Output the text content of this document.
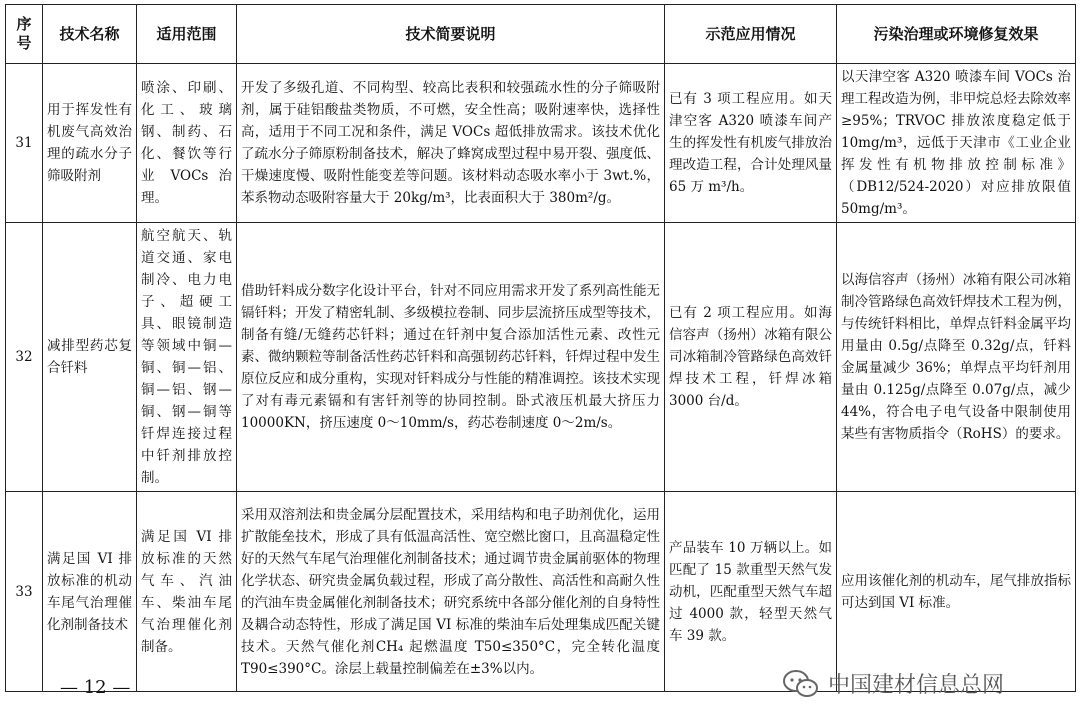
序号	技术名称	适用范围	技术简要说明	示范应用情况	污染治理或环境修复效果
31	用于挥发性有机废气高效治理的疏水分子筛吸附剂	喷涂、印刷、化工、玻璃钢、制药、石化、餐饮等行业 VOCs 治理。	开发了多级孔道、不同构型、较高比表积和较强疏水性的分子筛吸附剂，属于硅铝酸盐类物质，不可燃，安全性高；吸附速率快，选择性高，适用于不同工况和条件，满足 VOCs 超低排放需求。该技术优化了疏水分子筛原粉制备技术，解决了蜂窝成型过程中易开裂、强度低、干燥速度慢、吸附性能变差等问题。该材料动态吸水率小于 3wt.%，苯系物动态吸附容量大于 20kg/m³，比表面积大于 380m²/g。	已有 3 项工程应用。如天津空客 A320 喷漆车间产生的挥发性有机废气排放治理改造工程，合计处理风量 65 万 m³/h。	以天津空客 A320 喷漆车间 VOCs 治理工程改造为例，非甲烷总烃去除效率≥95%；TRVOC 排放浓度稳定低于 10mg/m³，远低于天津市《工业企业挥发性有机物排放控制标准》（DB12/524-2020）对应排放限值 50mg/m³。
32	减排型药芯复合钎料	航空航天、轨道交通、家电制冷、电力电子、超硬工具、眼镜制造等领域中铜—铜、铜—铝、铜—铝、钢—铜、钢—铜等钎焊连接过程中钎剂排放控制。	借助钎料成分数字化设计平台，针对不同应用需求开发了系列高性能无镉钎料；开发了精密轧制、多级模拉卷制、同步层流挤压成型等技术，制备有缝/无缝药芯钎料；通过在钎剂中复合添加活性元素、改性元素、微纳颗粒等制备活性药芯钎料和高强韧药芯钎料，钎焊过程中发生原位反应和成分重构，实现对钎料成分与性能的精准调控。该技术实现了对有毒元素镉和有害钎剂等的协同控制。卧式液压机最大挤压力 10000KN，挤压速度 0～10mm/s，药芯卷制速度 0～2m/s。	已有 2 项工程应用。如海信容声（扬州）冰箱有限公司冰箱制冷管路绿色高效钎焊技术工程，钎焊冰箱 3000 台/d。	以海信容声（扬州）冰箱有限公司冰箱制冷管路绿色高效钎焊技术工程为例，与传统钎料相比，单焊点钎料金属平均用量由 0.5g/点降至 0.32g/点，钎料金属量减少 36%；单焊点平均钎剂用量由 0.125g/点降至 0.07g/点，减少 44%，符合电子电气设备中限制使用某些有害物质指令（RoHS）的要求。
33	满足国 VI 排放标准的机动车尾气治理催化剂制备技术	满足国 VI 排放标准的天然气车、汽油车、柴油车尾气治理催化剂制备。	采用双溶剂法和贵金属分层配置技术，采用结构和电子助剂优化，运用扩散能垒技术，形成了具有低温高活性、宽空燃比窗口，且高温稳定性好的天然气车尾气治理催化剂制备技术；通过调节贵金属前驱体的物理化学状态、研究贵金属负载过程，形成了高分散性、高活性和高耐久性的汽油车贵金属催化剂制备技术；研究系统中各部分催化剂的自身特性及耦合动态特性，形成了满足国 VI 标准的柴油车后处理集成匹配关键技术。天然气催化剂CH₄ 起燃温度 T50≤350°C，完全转化温度 T90≤390°C。涂层上载量控制偏差在±3%以内。	产品装车 10 万辆以上。如匹配了 15 款重型天然气发动机，匹配重型天然气车超过 4000 款，轻型天然气车 39 款。	应用该催化剂的机动车，尾气排放指标可达到国 VI 标准。
— 12 —	中国建材信息总网
